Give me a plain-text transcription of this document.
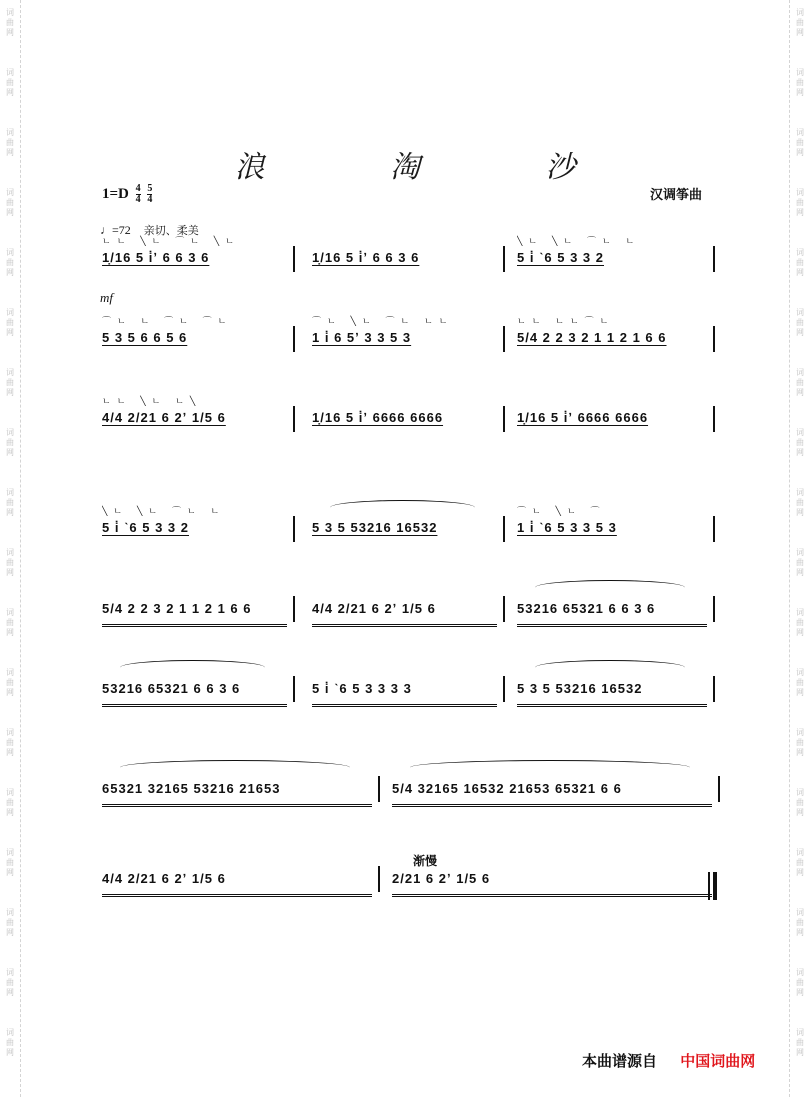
词
曲
网
词
曲
网
词
曲
网
词
曲
网
词
曲
网
词
曲
网
词
曲
网
词
曲
网
词
曲
网
词
曲
网
词
曲
网
词
曲
网
词
曲
网
词
曲
网
词
曲
网
词
曲
网
词
曲
网
词
曲
网
词
曲
网
词
曲
网
词
曲
网
词
曲
网
词
曲
网
词
曲
网
词
曲
网
词
曲
网
词
曲
网
词
曲
网
词
曲
网
词
曲
网
词
曲
网
词
曲
网
词
曲
网
词
曲
网
词
曲
网
词
曲
网
浪 淘 沙
$1=D \frac{4}{4}$
$\frac{5}{4}$	汉调筝曲
♩=72 亲切、柔美
mf
ㄴㄴ ╲ㄴ ⌒ㄴ ╲ㄴ
1̣/16 5 i̇ʼ 6 6 3 6	1̣/16 5 i̇ʼ 6 6 3 6
╲ㄴ ╲ㄴ ⌒ㄴ ㄴ
5 i̇ ˋ6 5 3 3 2
⌒ㄴ ㄴ ⌒ㄴ ⌒ㄴ
5 3 5 6 6 5 6
⌒ㄴ ╲ㄴ ⌒ㄴ ㄴㄴ
1 i̇ 6 5ʼ 3 3 5 3
ㄴㄴ ㄴㄴ⌒ㄴ
5/4 2 2 3 2 1 1 2 1 6 6
ㄴㄴ ╲ㄴ ㄴ╲
4/4 2/21 6 2ʼ 1/5 6	1̣/16 5 i̇ʼ 6666 6666	1̣/16 5 i̇ʼ 6666 6666
╲ㄴ ╲ㄴ ⌒ㄴ ㄴ
5 i̇ ˋ6 5 3 3 2	5 3 5 53216 16532
⌒ㄴ ╲ㄴ ⌒
1 i̇ ˋ6 5 3 3 5 3
5/4 2 2 3 2 1 1 2 1 6 6	4/4 2/21 6 2ʼ 1/5 6	53216 65321 6 6 3 6
53216 65321 6 6 3 6	5 i̇ ˋ6 5 3 3 3 3	5 3 5 53216 16532
65321 32165 53216 21653	5/4 32165 16532 21653 65321 6 6
4/4 2/21 6 2ʼ 1/5 6	2/21 6 2ʼ 1/5 6
渐慢
本曲谱源自 中国词曲网
